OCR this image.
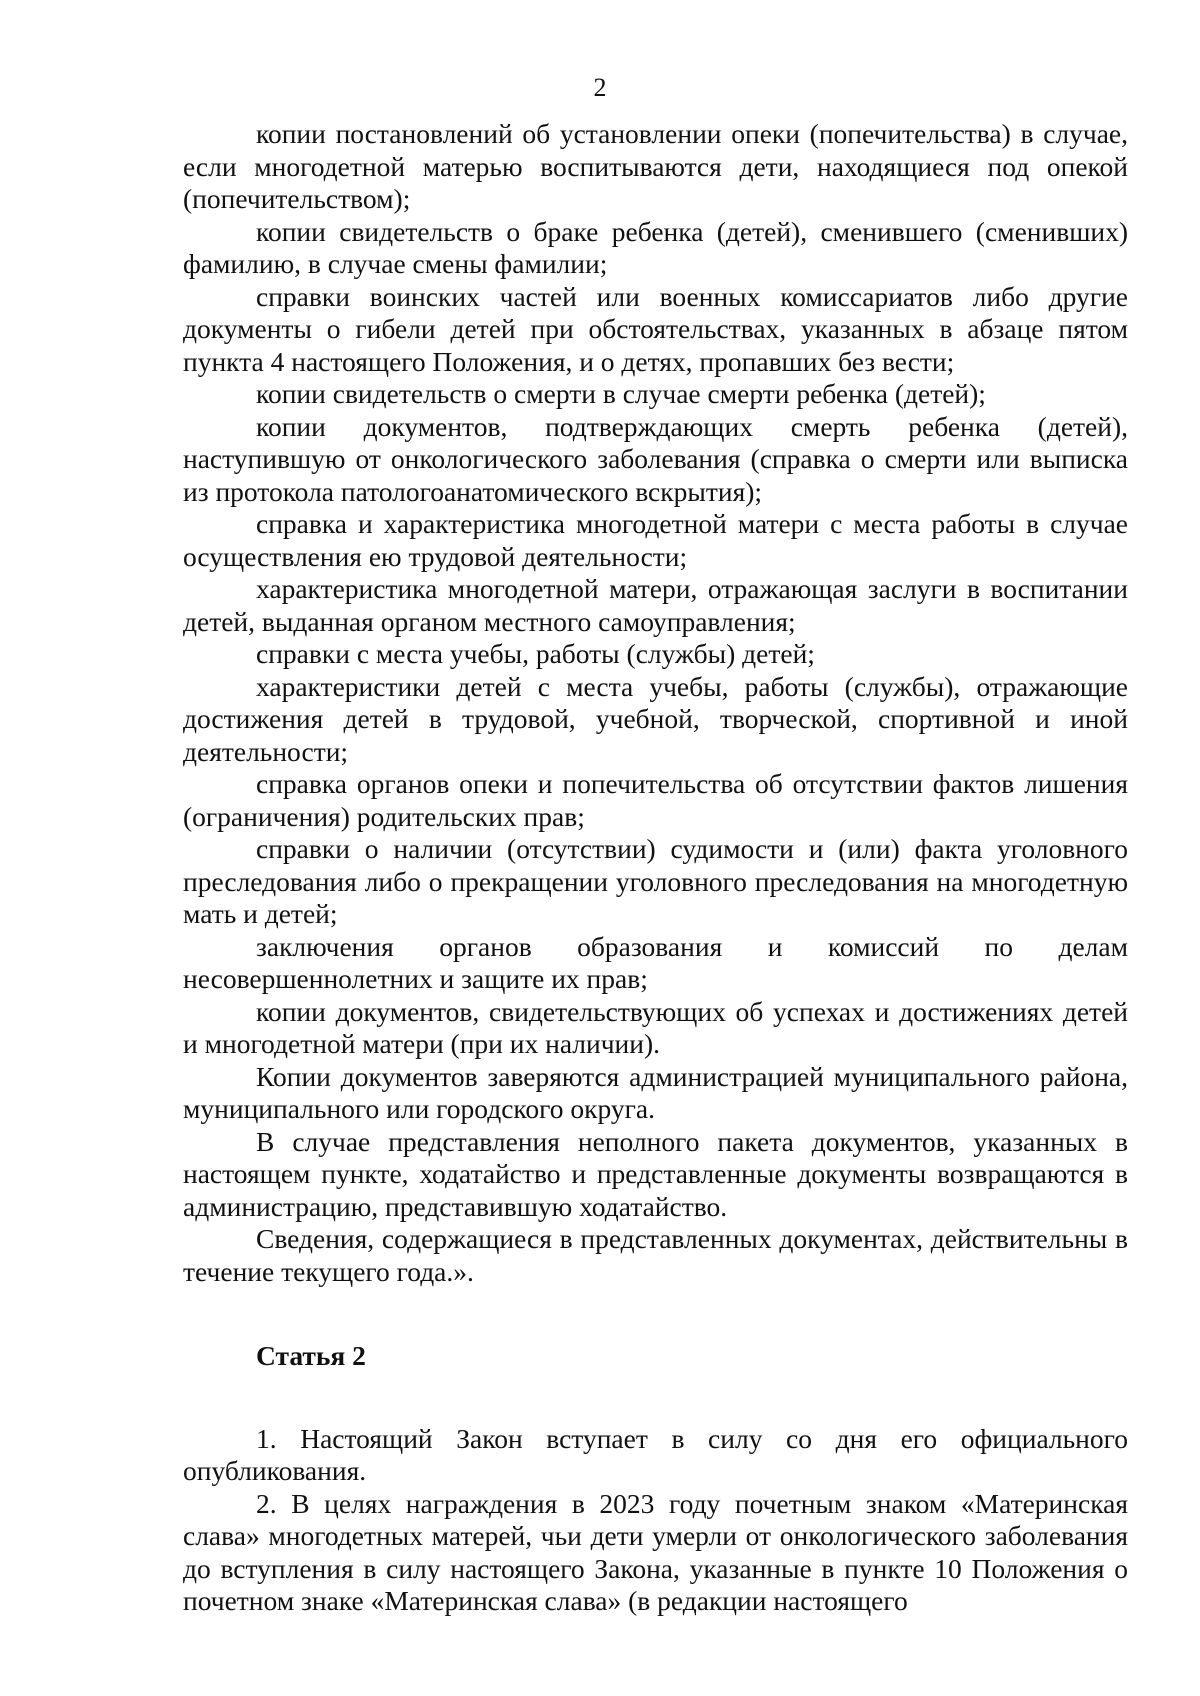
2

копии постановлений об установлении опеки (попечительства) в случае, если многодетной матерью воспитываются дети, находящиеся под опекой (попечительством);

копии свидетельств о браке ребенка (детей), сменившего (сменивших) фамилию, в случае смены фамилии;

справки воинских частей или военных комиссариатов либо другие документы о гибели детей при обстоятельствах, указанных в абзаце пятом пункта 4 настоящего Положения, и о детях, пропавших без вести;

копии свидетельств о смерти в случае смерти ребенка (детей);

копии документов, подтверждающих смерть ребенка (детей), наступившую от онкологического заболевания (справка о смерти или выписка из протокола патологоанатомического вскрытия);

справка и характеристика многодетной матери с места работы в случае осуществления ею трудовой деятельности;

характеристика многодетной матери, отражающая заслуги в воспитании детей, выданная органом местного самоуправления;

справки с места учебы, работы (службы) детей;

характеристики детей с места учебы, работы (службы), отражающие достижения детей в трудовой, учебной, творческой, спортивной и иной деятельности;

справка органов опеки и попечительства об отсутствии фактов лишения (ограничения) родительских прав;

справки о наличии (отсутствии) судимости и (или) факта уголовного преследования либо о прекращении уголовного преследования на многодетную мать и детей;

заключения органов образования и комиссий по делам несовершеннолетних и защите их прав;

копии документов, свидетельствующих об успехах и достижениях детей и многодетной матери (при их наличии).

Копии документов заверяются администрацией муниципального района, муниципального или городского округа.

В случае представления неполного пакета документов, указанных в настоящем пункте, ходатайство и представленные документы возвращаются в администрацию, представившую ходатайство.

Сведения, содержащиеся в представленных документах, действительны в течение текущего года.».

Статья 2

1. Настоящий Закон вступает в силу со дня его официального опубликования.

2. В целях награждения в 2023 году почетным знаком «Материнская слава» многодетных матерей, чьи дети умерли от онкологического заболевания до вступления в силу настоящего Закона, указанные в пункте 10 Положения о почетном знаке «Материнская слава» (в редакции настоящего
